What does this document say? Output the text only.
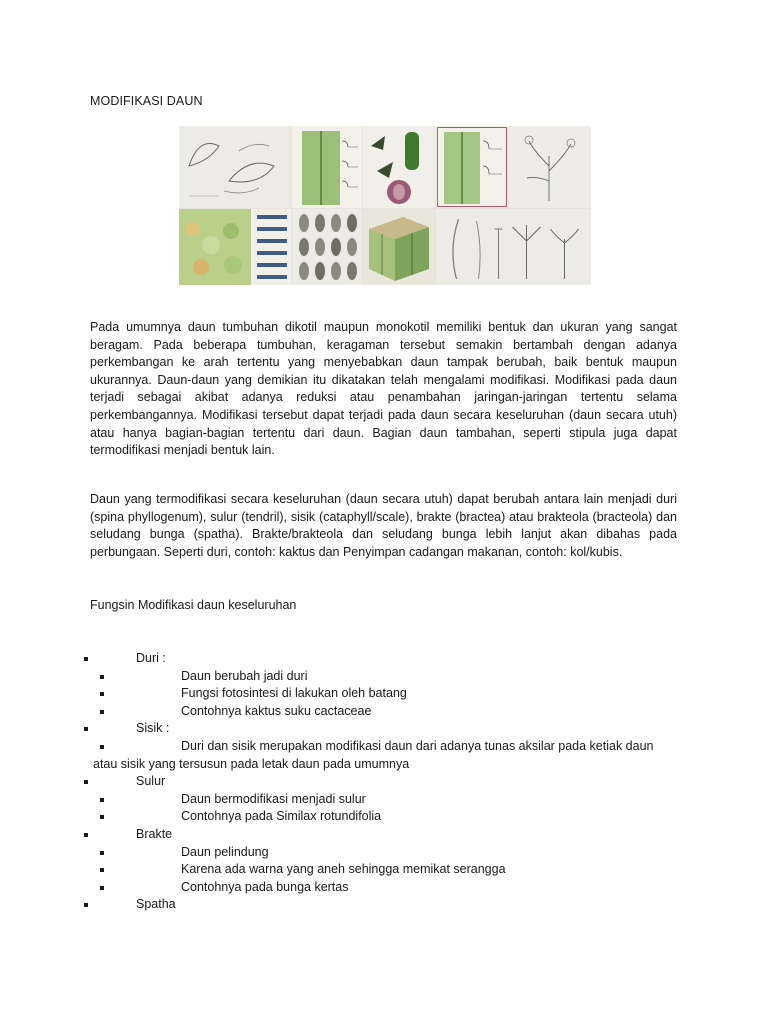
MODIFIKASI DAUN

Pada umumnya daun tumbuhan dikotil maupun monokotil memiliki bentuk dan ukuran yang sangat beragam. Pada beberapa tumbuhan, keragaman tersebut semakin bertambah dengan adanya perkembangan ke arah tertentu yang menyebabkan daun tampak berubah, baik bentuk maupun ukurannya. Daun-daun yang demikian itu dikatakan telah mengalami modifikasi. Modifikasi pada daun terjadi sebagai akibat adanya reduksi atau penambahan jaringan-jaringan tertentu selama perkembangannya. Modifikasi tersebut dapat terjadi pada daun secara keseluruhan (daun secara utuh) atau hanya bagian-bagian tertentu dari daun. Bagian daun tambahan, seperti stipula juga dapat termodifikasi menjadi bentuk lain.

Daun yang termodifikasi secara keseluruhan (daun secara utuh) dapat berubah antara lain menjadi duri (spina phyllogenum), sulur (tendril), sisik (cataphyll/scale), brakte (bractea) atau brakteola (bracteola) dan seludang bunga (spatha). Brakte/brakteola dan seludang bunga lebih lanjut akan dibahas pada perbungaan. Seperti duri, contoh: kaktus dan Penyimpan cadangan makanan, contoh: kol/kubis.

Fungsin Modifikasi daun keseluruhan
Duri :
Daun berubah jadi duri
Fungsi fotosintesi di lakukan oleh batang
Contohnya kaktus suku cactaceae
Sisik :
Duri dan sisik merupakan modifikasi daun dari adanya tunas aksilar pada ketiak daun
atau sisik yang tersusun pada letak daun pada umumnya
Sulur
Daun bermodifikasi menjadi sulur
Contohnya pada Similax rotundifolia
Brakte
Daun pelindung
Karena ada warna yang aneh sehingga memikat serangga
Contohnya pada bunga kertas
Spatha
